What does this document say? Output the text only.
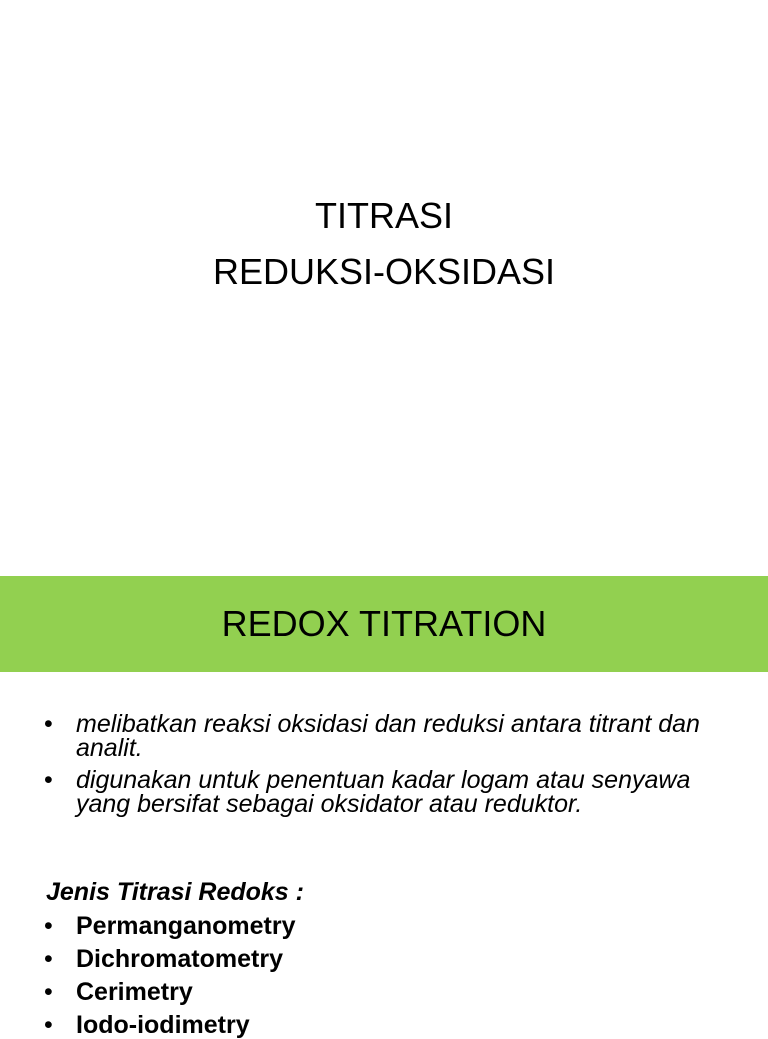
TITRASI
REDUKSI-OKSIDASI
REDOX TITRATION
• melibatkan reaksi oksidasi dan reduksi antara titrant dan analit.
• digunakan untuk penentuan kadar logam atau senyawa yang bersifat sebagai oksidator atau reduktor.
Jenis Titrasi Redoks :
• Permanganometry
• Dichromatometry
• Cerimetry
• Iodo-iodimetry
